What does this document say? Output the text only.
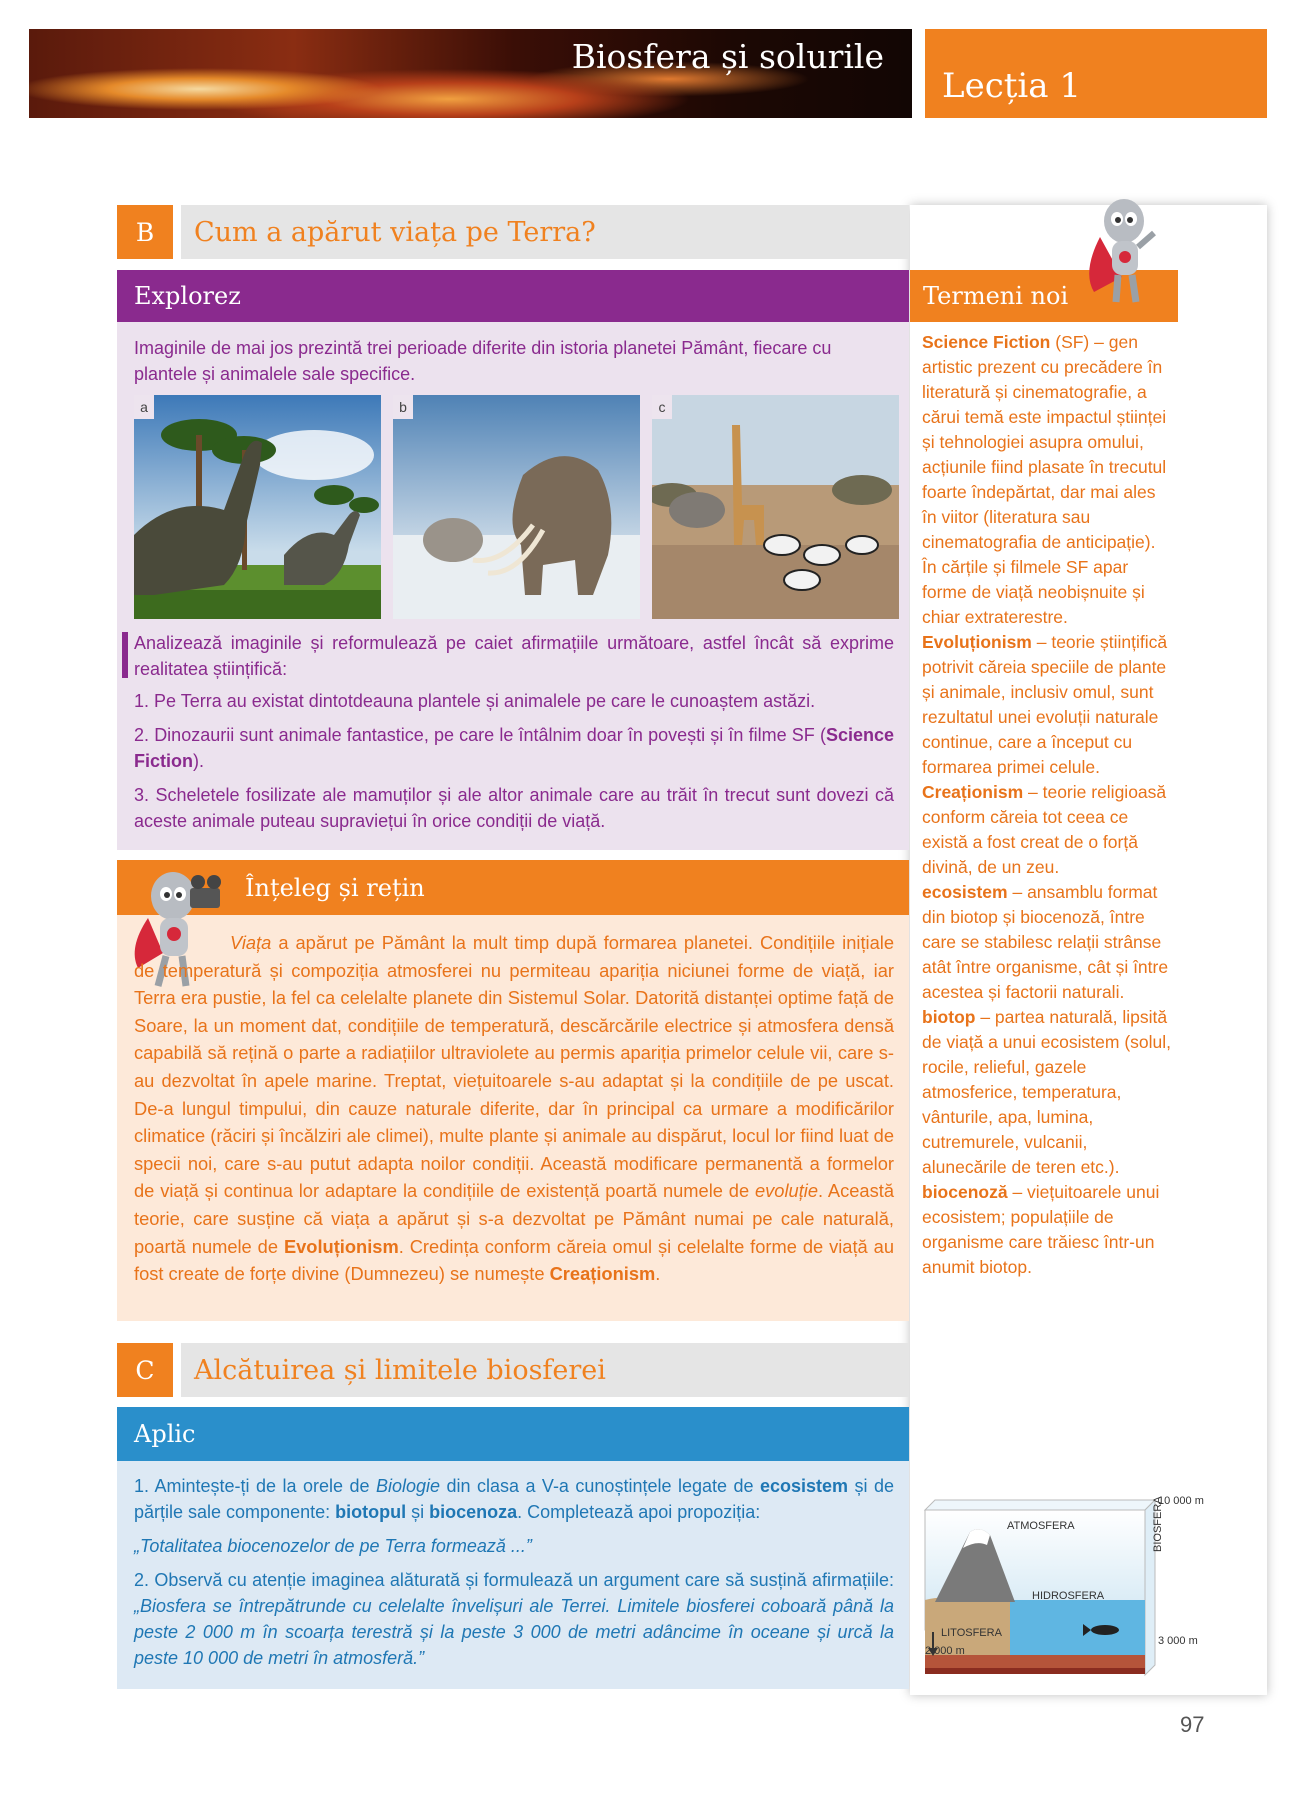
Biosfera și solurile
Lecția 1
B	Cum a apărut viața pe Terra?
Explorez
Imaginile de mai jos prezintă trei perioade diferite din istoria planetei Pământ, fiecare cu plantele și animalele sale specifice.
a	b	c
Analizează imaginile și reformulează pe caiet afirmațiile următoare, astfel încât să exprime realitatea științifică:
1. Pe Terra au existat dintotdeauna plantele și animalele pe care le cunoaștem astăzi.
2. Dinozaurii sunt animale fantastice, pe care le întâlnim doar în povești și în filme SF (Science Fiction).
3. Scheletele fosilizate ale mamuților și ale altor animale care au trăit în trecut sunt dovezi că aceste animale puteau supraviețui în orice condiții de viață.
Înțeleg și rețin
Viața a apărut pe Pământ la mult timp după formarea planetei. Condițiile inițiale de temperatură și compoziția atmosferei nu permiteau apariția niciunei forme de viață, iar Terra era pustie, la fel ca celelalte planete din Sistemul Solar. Datorită distanței optime față de Soare, la un moment dat, condițiile de temperatură, descărcările electrice și atmosfera densă capabilă să rețină o parte a radiațiilor ultraviolete au permis apariția primelor celule vii, care s-au dezvoltat în apele marine. Treptat, viețuitoarele s-au adaptat și la condițiile de pe uscat. De-a lungul timpului, din cauze naturale diferite, dar în principal ca urmare a modificărilor climatice (răciri și încălziri ale climei), multe plante și animale au dispărut, locul lor fiind luat de specii noi, care s-au putut adapta noilor condiții. Această modificare permanentă a formelor de viață și continua lor adaptare la condițiile de existență poartă numele de evoluție. Această teorie, care susține că viața a apărut și s-a dezvoltat pe Pământ numai pe cale naturală, poartă numele de Evoluționism. Credința conform căreia omul și celelalte forme de viață au fost create de forțe divine (Dumnezeu) se numește Creaționism.
C	Alcătuirea și limitele biosferei
Aplic
1. Amintește-ți de la orele de Biologie din clasa a V-a cunoștințele legate de ecosistem și de părțile sale componente: biotopul și biocenoza. Completează apoi propoziția:
„Totalitatea biocenozelor de pe Terra formează ...”
2. Observă cu atenție imaginea alăturată și formulează un argument care să susțină afirmațiile: „Biosfera se întrepătrunde cu celelalte învelișuri ale Terrei. Limitele biosferei coboară până la peste 2 000 m în scoarța terestră și la peste 3 000 de metri adâncime în oceane și urcă la peste 10 000 de metri în atmosferă.”
Termeni noi

Science Fiction (SF) – gen artistic prezent cu precădere în literatură și cinematografie, a cărui temă este impactul științei și tehnologiei asupra omului, acțiunile fiind plasate în trecutul foarte îndepărtat, dar mai ales în viitor (literatura sau cinematografia de anticipație). În cărțile și filmele SF apar forme de viață neobișnuite și chiar extraterestre.

Evoluționism – teorie științifică potrivit căreia speciile de plante și animale, inclusiv omul, sunt rezultatul unei evoluții naturale continue, care a început cu formarea primei celule.

Creaționism – teorie religioasă conform căreia tot ceea ce există a fost creat de o forță divină, de un zeu.

ecosistem – ansamblu format din biotop și biocenoză, între care se stabilesc relații strânse atât între organisme, cât și între acestea și factorii naturali.

biotop – partea naturală, lipsită de viață a unui ecosistem (solul, rocile, relieful, gazele atmosferice, temperatura, vânturile, apa, lumina, cutremurele, vulcanii, alunecările de teren etc.).

biocenoză – viețuitoarele unui ecosistem; populațiile de organisme care trăiesc într-un anumit biotop.

ATMOSFERA
HIDROSFERA
LITOSFERA
2 000 m
10 000 m
3 000 m
BIOSFERA
97
